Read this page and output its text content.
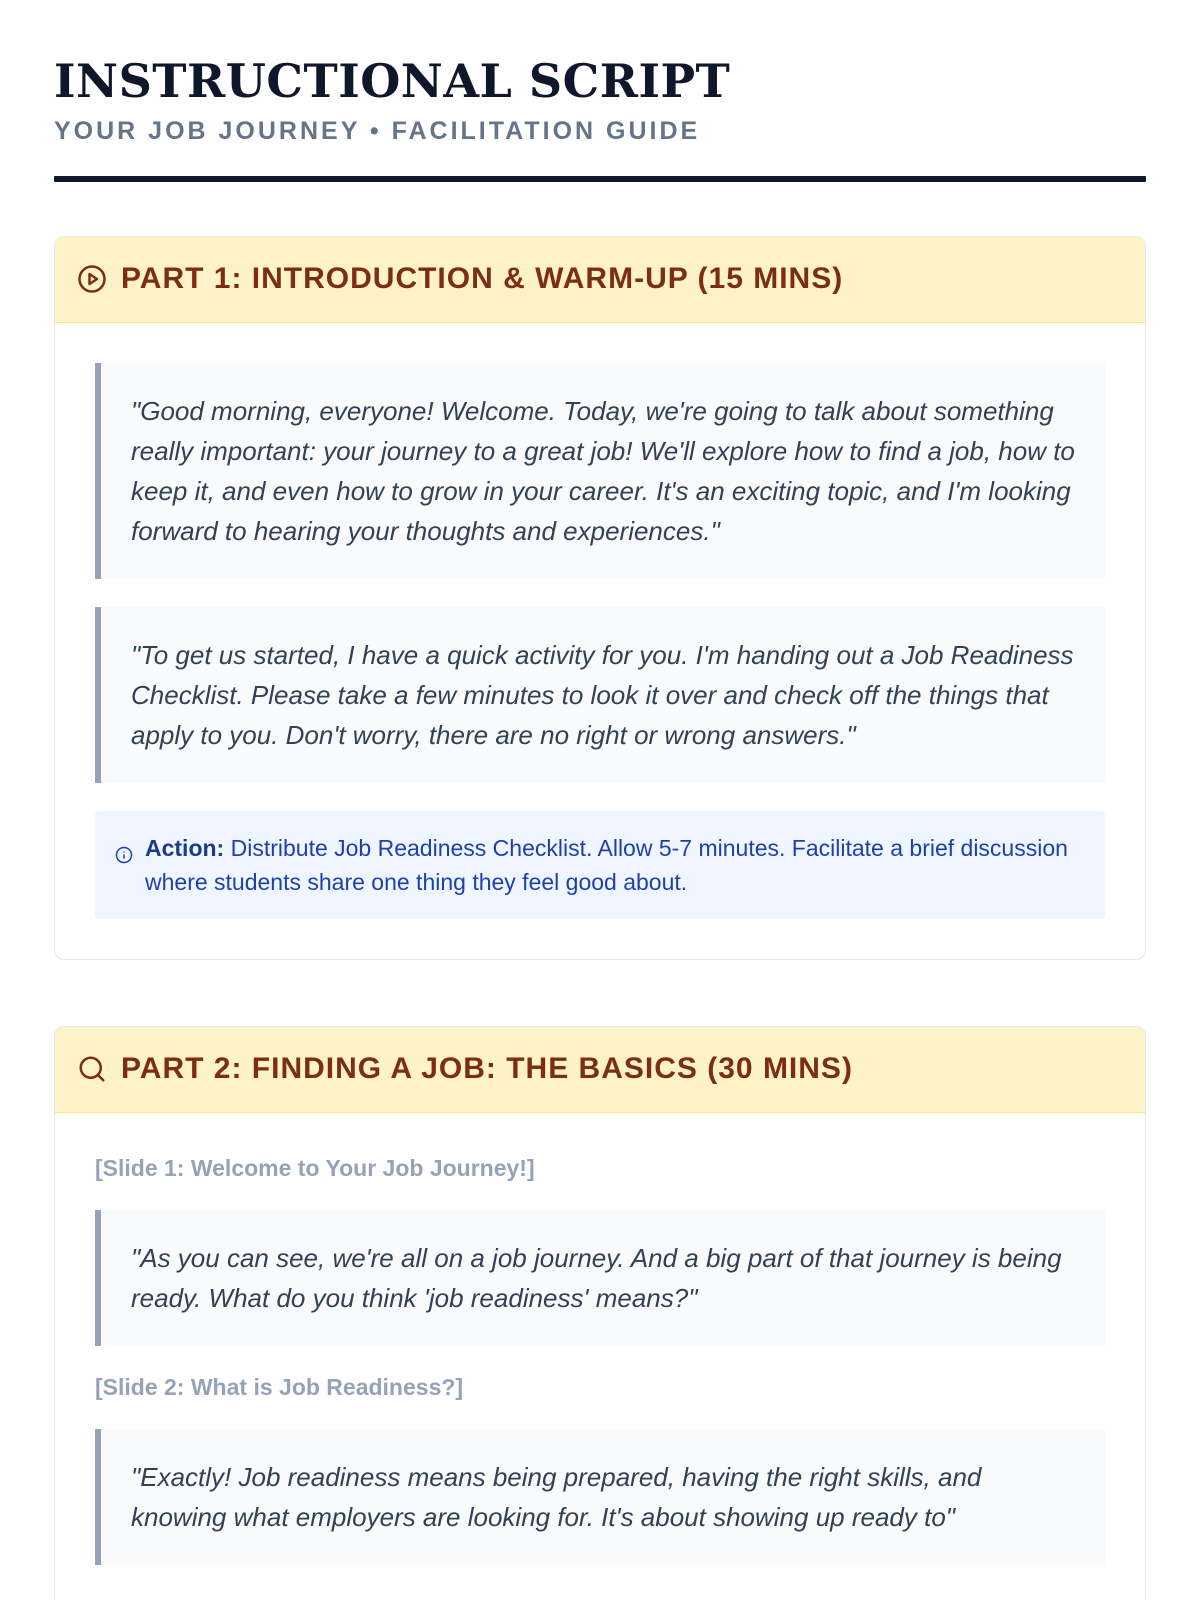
INSTRUCTIONAL SCRIPT
YOUR JOB JOURNEY • FACILITATION GUIDE
PART 1: INTRODUCTION & WARM-UP (15 MINS)
"Good morning, everyone! Welcome. Today, we're going to talk about something really important: your journey to a great job! We'll explore how to find a job, how to keep it, and even how to grow in your career. It's an exciting topic, and I'm looking forward to hearing your thoughts and experiences."
"To get us started, I have a quick activity for you. I'm handing out a Job Readiness Checklist. Please take a few minutes to look it over and check off the things that apply to you. Don't worry, there are no right or wrong answers."
Action: Distribute Job Readiness Checklist. Allow 5-7 minutes. Facilitate a brief discussion where students share one thing they feel good about.
PART 2: FINDING A JOB: THE BASICS (30 MINS)
[Slide 1: Welcome to Your Job Journey!]
"As you can see, we're all on a job journey. And a big part of that journey is being ready. What do you think 'job readiness' means?"
[Slide 2: What is Job Readiness?]
"Exactly! Job readiness means being prepared, having the right skills, and knowing what employers are looking for. It's about showing up ready to"
